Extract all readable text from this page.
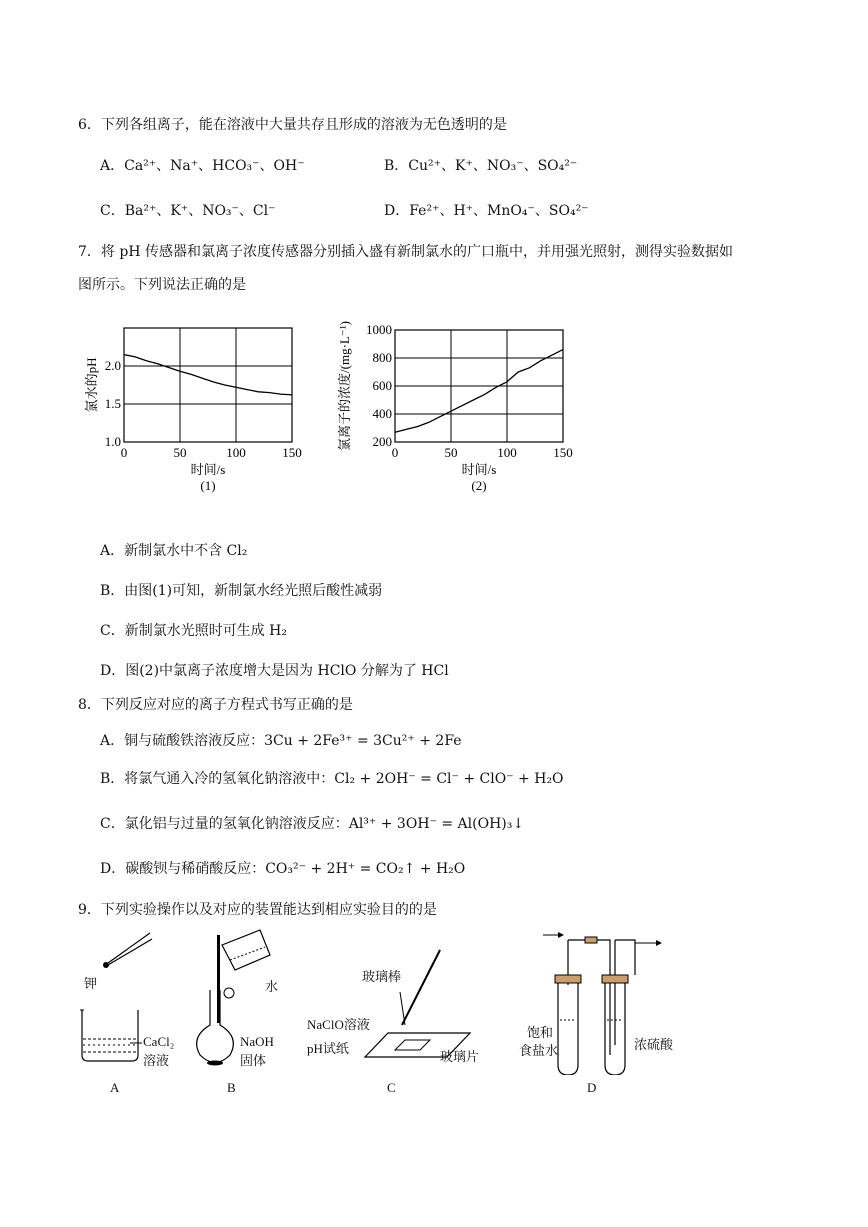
6．下列各组离子，能在溶液中大量共存且形成的溶液为无色透明的是
A．Ca²⁺、Na⁺、HCO₃⁻、OH⁻	B．Cu²⁺、K⁺、NO₃⁻、SO₄²⁻
C．Ba²⁺、K⁺、NO₃⁻、Cl⁻	D．Fe²⁺、H⁺、MnO₄⁻、SO₄²⁻
7．将 pH 传感器和氯离子浓度传感器分别插入盛有新制氯水的广口瓶中，并用强光照射，测得实验数据如
图所示。下列说法正确的是
0	50	100	150
1.0
1.5
2.0
时间/s
(1)
氯水的pH
0	50	100	150
200
400
600
800
1000
时间/s
(2)
氯离子的浓度/(mg·L⁻¹)
A．新制氯水中不含 Cl₂
B．由图(1)可知，新制氯水经光照后酸性减弱
C．新制氯水光照时可生成 H₂
D．图(2)中氯离子浓度增大是因为 HClO 分解为了 HCl
8．下列反应对应的离子方程式书写正确的是
A．铜与硫酸铁溶液反应：3Cu + 2Fe³⁺ = 3Cu²⁺ + 2Fe
B．将氯气通入冷的氢氧化钠溶液中：Cl₂ + 2OH⁻ = Cl⁻ + ClO⁻ + H₂O
C．氯化铝与过量的氢氧化钠溶液反应：Al³⁺ + 3OH⁻ = Al(OH)₃↓
D．碳酸钡与稀硝酸反应：CO₃²⁻ + 2H⁺ = CO₂↑ + H₂O
9．下列实验操作以及对应的装置能达到相应实验目的的是
钾
CaCl₂
溶液
水
NaOH
固体
玻璃棒
NaClO溶液
pH试纸
玻璃片
饱和
食盐水	浓硫酸
A	B	C	D
